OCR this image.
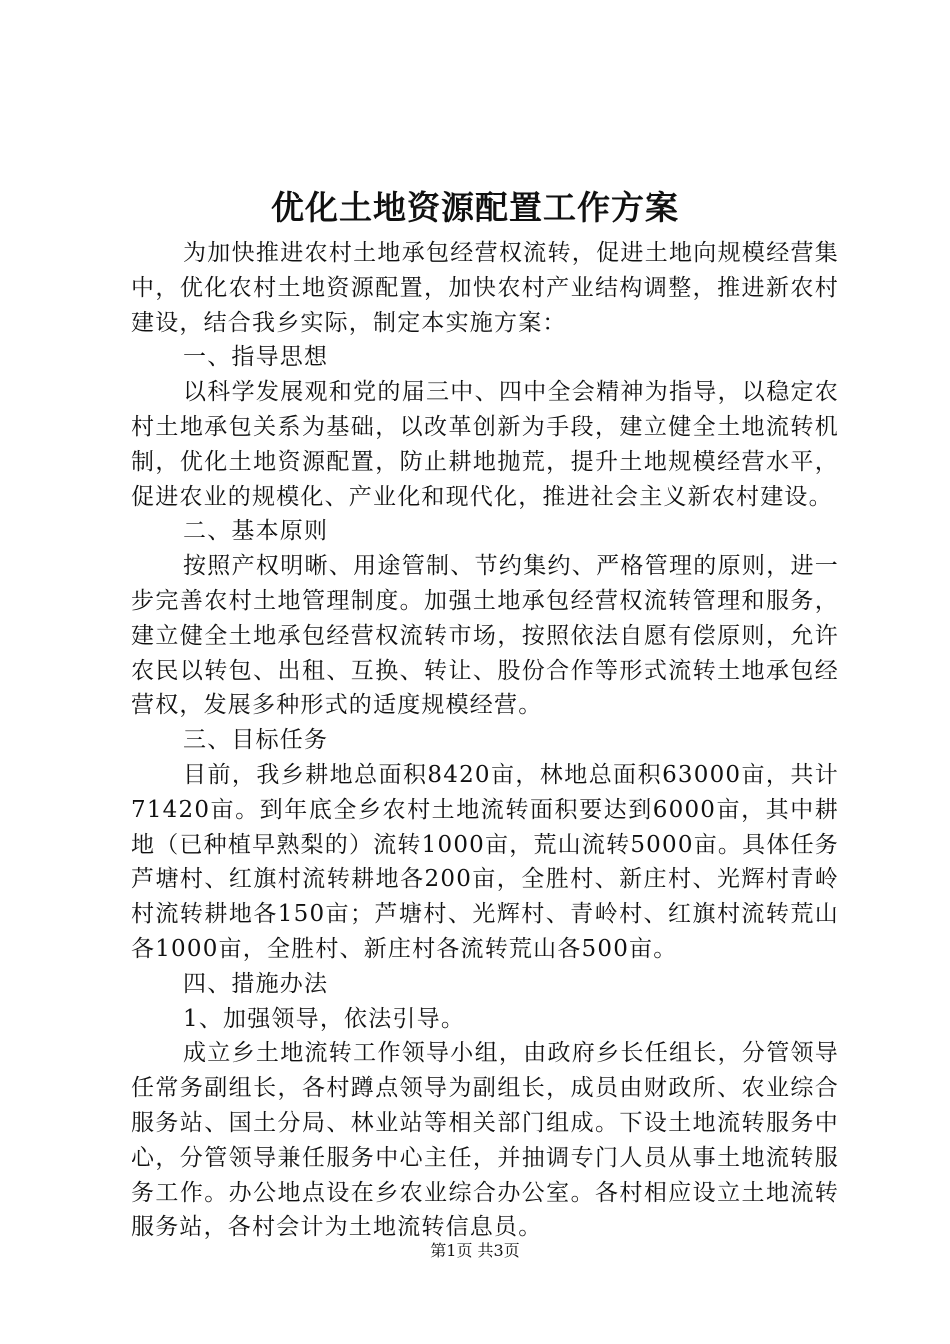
优化土地资源配置工作方案

为加快推进农村土地承包经营权流转，促进土地向规模经营集中，优化农村土地资源配置，加快农村产业结构调整，推进新农村建设，结合我乡实际，制定本实施方案：

一、指导思想

以科学发展观和党的届三中、四中全会精神为指导，以稳定农村土地承包关系为基础，以改革创新为手段，建立健全土地流转机制，优化土地资源配置，防止耕地抛荒，提升土地规模经营水平，促进农业的规模化、产业化和现代化，推进社会主义新农村建设。

二、基本原则

按照产权明晰、用途管制、节约集约、严格管理的原则，进一步完善农村土地管理制度。加强土地承包经营权流转管理和服务，建立健全土地承包经营权流转市场，按照依法自愿有偿原则，允许农民以转包、出租、互换、转让、股份合作等形式流转土地承包经营权，发展多种形式的适度规模经营。

三、目标任务

目前，我乡耕地总面积8420亩，林地总面积63000亩，共计71420亩。到年底全乡农村土地流转面积要达到6000亩，其中耕地（已种植早熟梨的）流转1000亩，荒山流转5000亩。具体任务芦塘村、红旗村流转耕地各200亩，全胜村、新庄村、光辉村青岭村流转耕地各150亩；芦塘村、光辉村、青岭村、红旗村流转荒山各1000亩，全胜村、新庄村各流转荒山各500亩。

四、措施办法

1、加强领导，依法引导。

成立乡土地流转工作领导小组，由政府乡长任组长，分管领导任常务副组长，各村蹲点领导为副组长，成员由财政所、农业综合服务站、国土分局、林业站等相关部门组成。下设土地流转服务中心，分管领导兼任服务中心主任，并抽调专门人员从事土地流转服务工作。办公地点设在乡农业综合办公室。各村相应设立土地流转服务站，各村会计为土地流转信息员。

第1页 共3页
